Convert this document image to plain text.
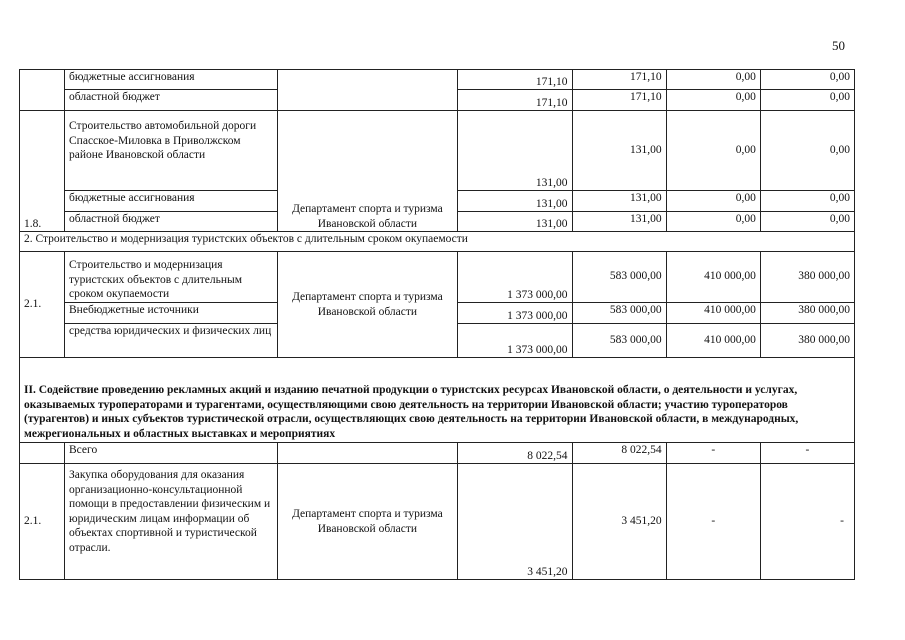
50
	бюджетные ассигнования		171,10	171,10	0,00	0,00
	областной бюджет		171,10	171,10	0,00	0,00
1.8.	Строительство автомобильной дороги Спасское-Миловка в Приволжском районе Ивановской области	Департамент спорта и туризма Ивановской области	131,00	131,00	0,00	0,00
	бюджетные ассигнования		131,00	131,00	0,00	0,00
	областной бюджет		131,00	131,00	0,00	0,00
2. Строительство и модернизация туристских объектов с длительным сроком окупаемости						
2.1.	Строительство и модернизация туристских объектов с длительным сроком окупаемости	Департамент спорта и туризма Ивановской области	1 373 000,00	583 000,00	410 000,00	380 000,00
	Внебюджетные источники		1 373 000,00	583 000,00	410 000,00	380 000,00
	средства юридических и физических лиц		1 373 000,00	583 000,00	410 000,00	380 000,00
II. Содействие проведению рекламных акций и изданию печатной продукции о туристских ресурсах Ивановской области, о деятельности и услугах, оказываемых туроператорами и турагентами, осуществляющими свою деятельность на территории Ивановской области; участию туроператоров (турагентов) и иных субъектов туристической отрасли, осуществляющих свою деятельность на территории Ивановской области, в международных, межрегиональных и областных выставках и мероприятиях						
	Всего		8 022,54	8 022,54	-	-
2.1.	Закупка оборудования для оказания организационно-консультационной помощи в предоставлении физическим и юридическим лицам информации об объектах спортивной и туристической отрасли.	Департамент спорта и туризма Ивановской области	3 451,20	3 451,20	-	-
